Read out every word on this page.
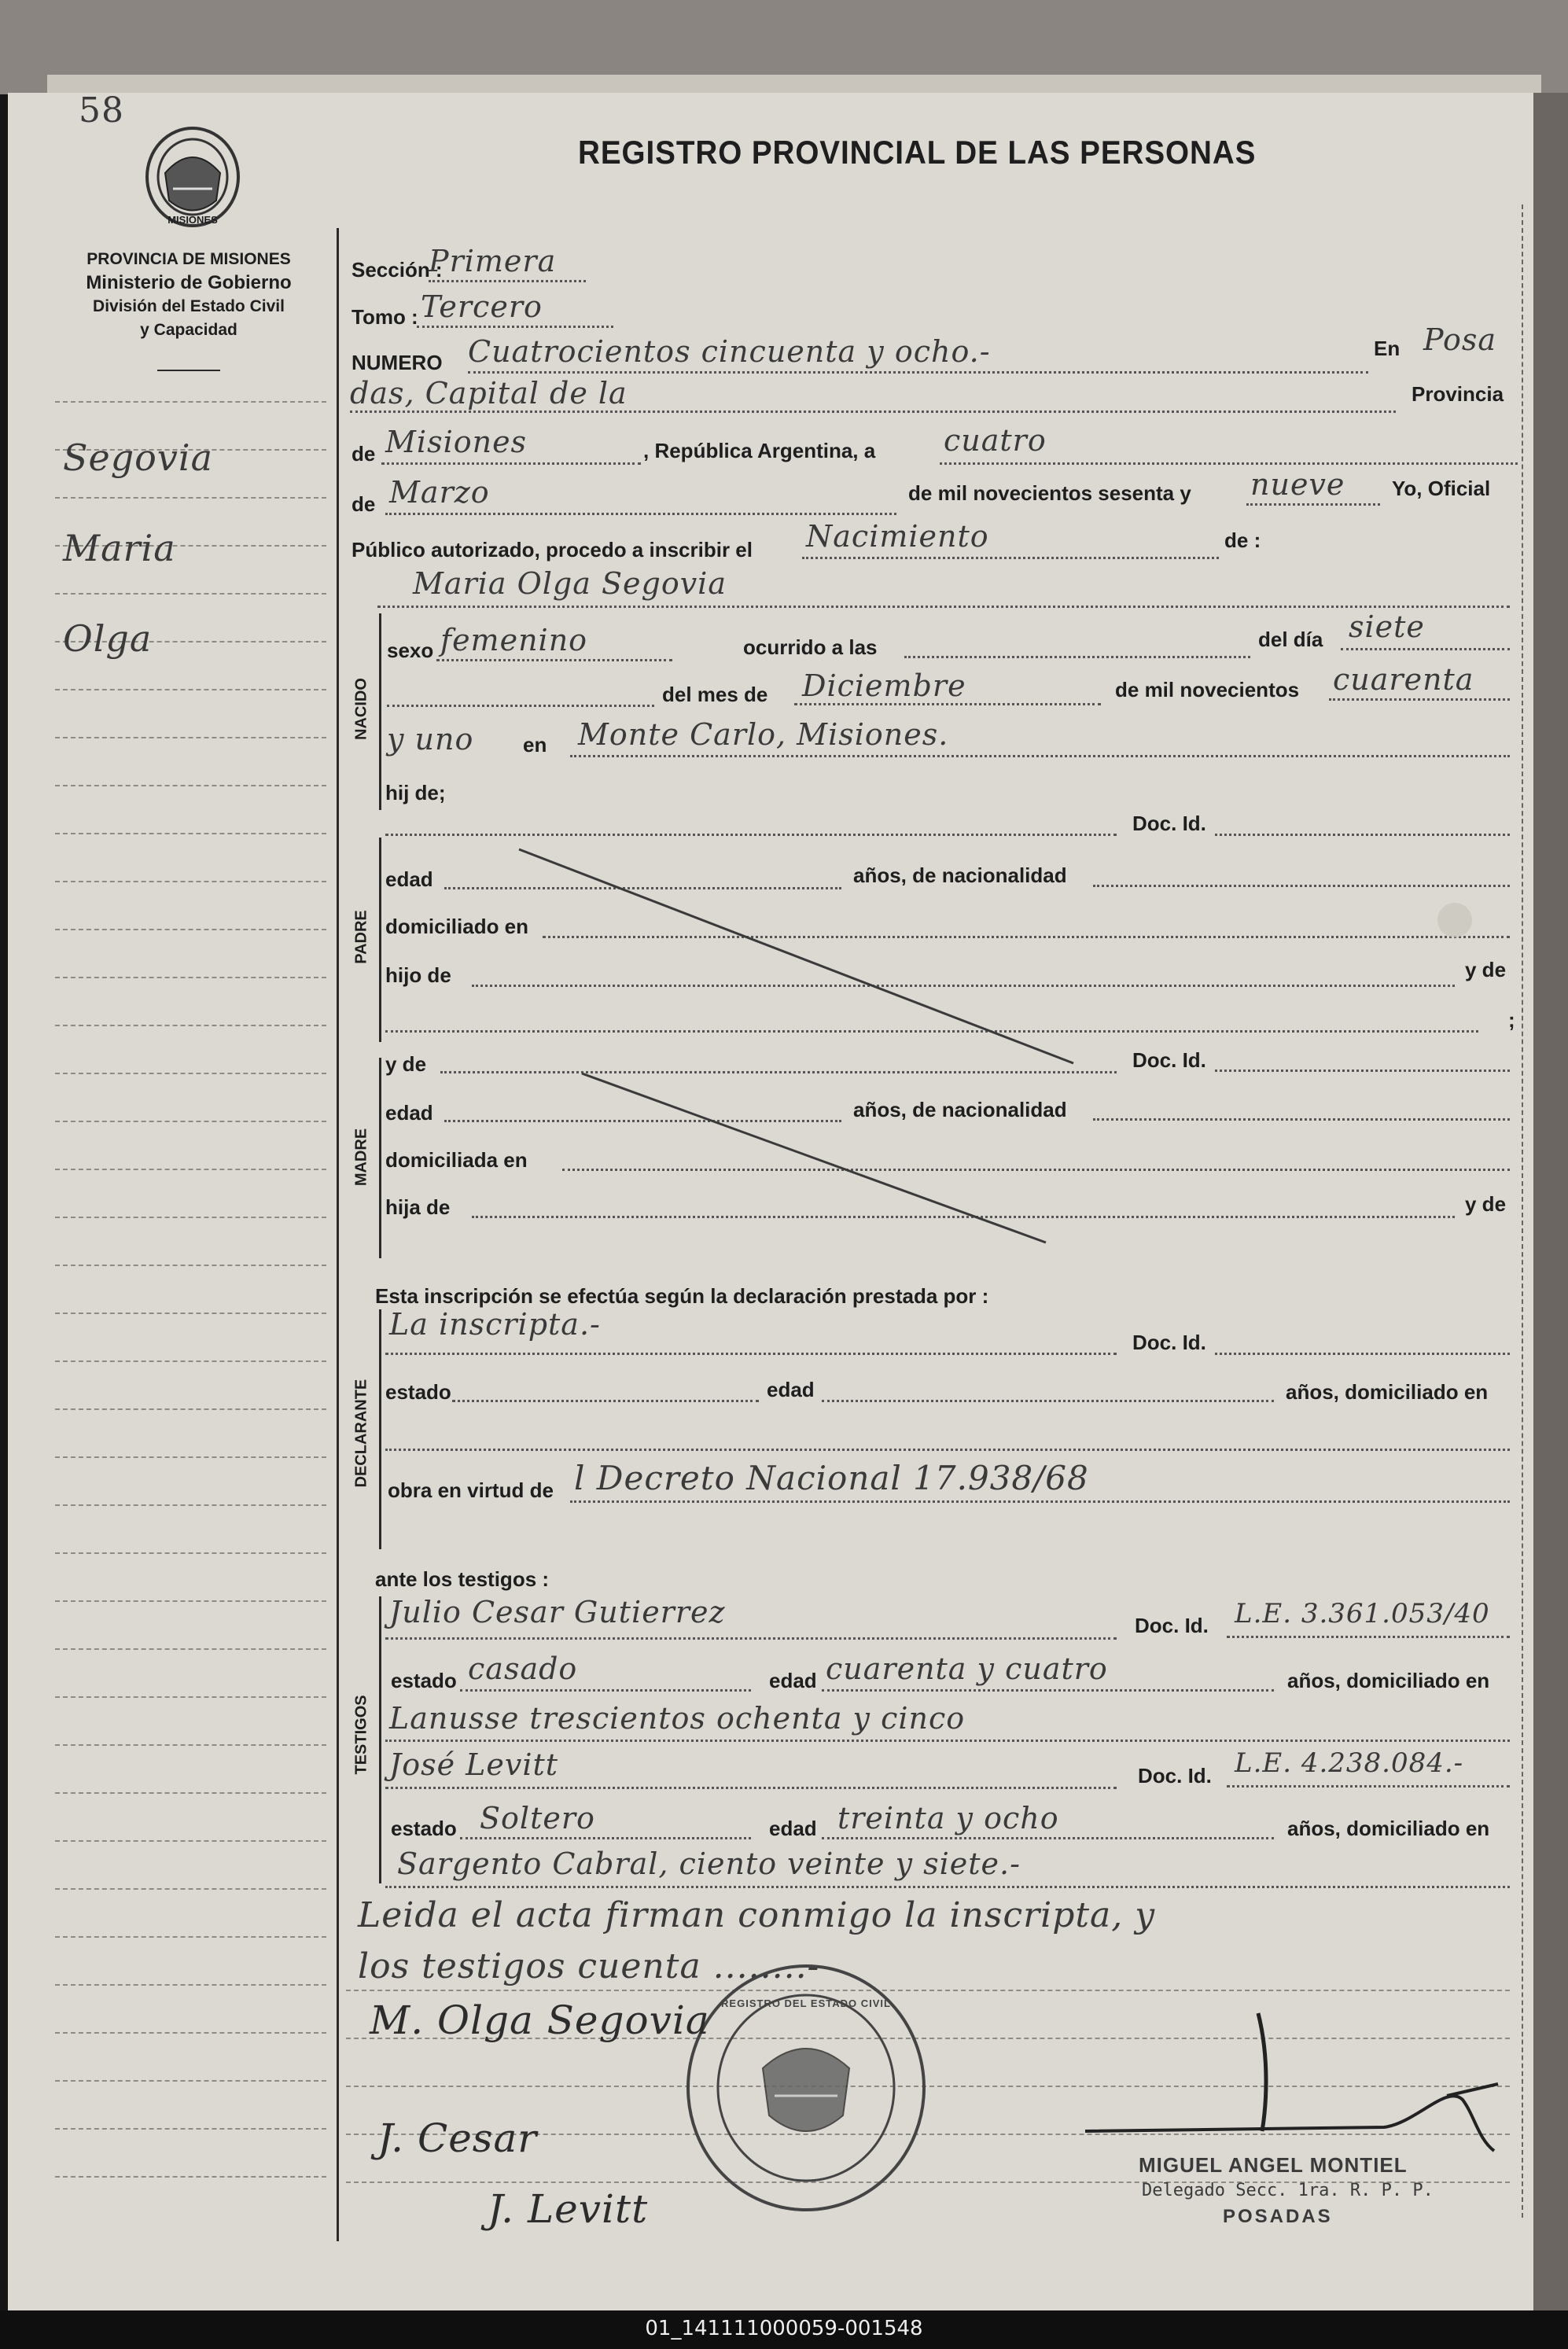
58
MISIONES
REGISTRO PROVINCIAL DE LAS PERSONAS
PROVINCIA DE MISIONES
Ministerio de Gobierno
División del Estado Civil
y Capacidad
Segovia
Maria
Olga
Sección :
Primera
Tomo : Tercero
NUMERO Cuatrocientos cincuenta y ocho.-	En Posa
das, Capital de la	Provincia
de Misiones	, República Argentina, a cuatro
de Marzo	de mil novecientos sesenta y nueve Yo, Oficial
Público autorizado, procedo a inscribir el Nacimiento	de :
Maria Olga Segovia
NACIDO
sexo femenino	ocurrido a las	del día siete
del mes de Diciembre	de mil novecientos cuarenta
y uno en Monte Carlo, Misiones.
hij de;
Doc. Id.
PADRE
edad	años, de nacionalidad
domiciliado en
hijo de	y de
;
MADRE
y de	Doc. Id.
edad	años, de nacionalidad
domiciliada en
hija de	y de
Esta inscripción se efectúa según la declaración prestada por :
DECLARANTE
La inscripta.-
Doc. Id.
estado	edad	años, domiciliado en
obra en virtud de l Decreto Nacional 17.938/68
ante los testigos :
TESTIGOS
Julio Cesar Gutierrez	Doc. Id. L.E. 3.361.053/40
estado casado	edad cuarenta y cuatro	años, domiciliado en
Lanusse trescientos ochenta y cinco
José Levitt	Doc. Id. L.E. 4.238.084.-
estado Soltero	edad treinta y ocho	años, domiciliado en
Sargento Cabral, ciento veinte y siete.-
Leida el acta firman conmigo la inscripta, y
los testigos cuenta ........-
REGISTRO DEL ESTADO CIVIL
M. Olga Segovia
J. Cesar
J. Levitt
MIGUEL ANGEL MONTIEL
Delegado Secc. 1ra. R. P. P.
POSADAS
01_141111000059-001548
